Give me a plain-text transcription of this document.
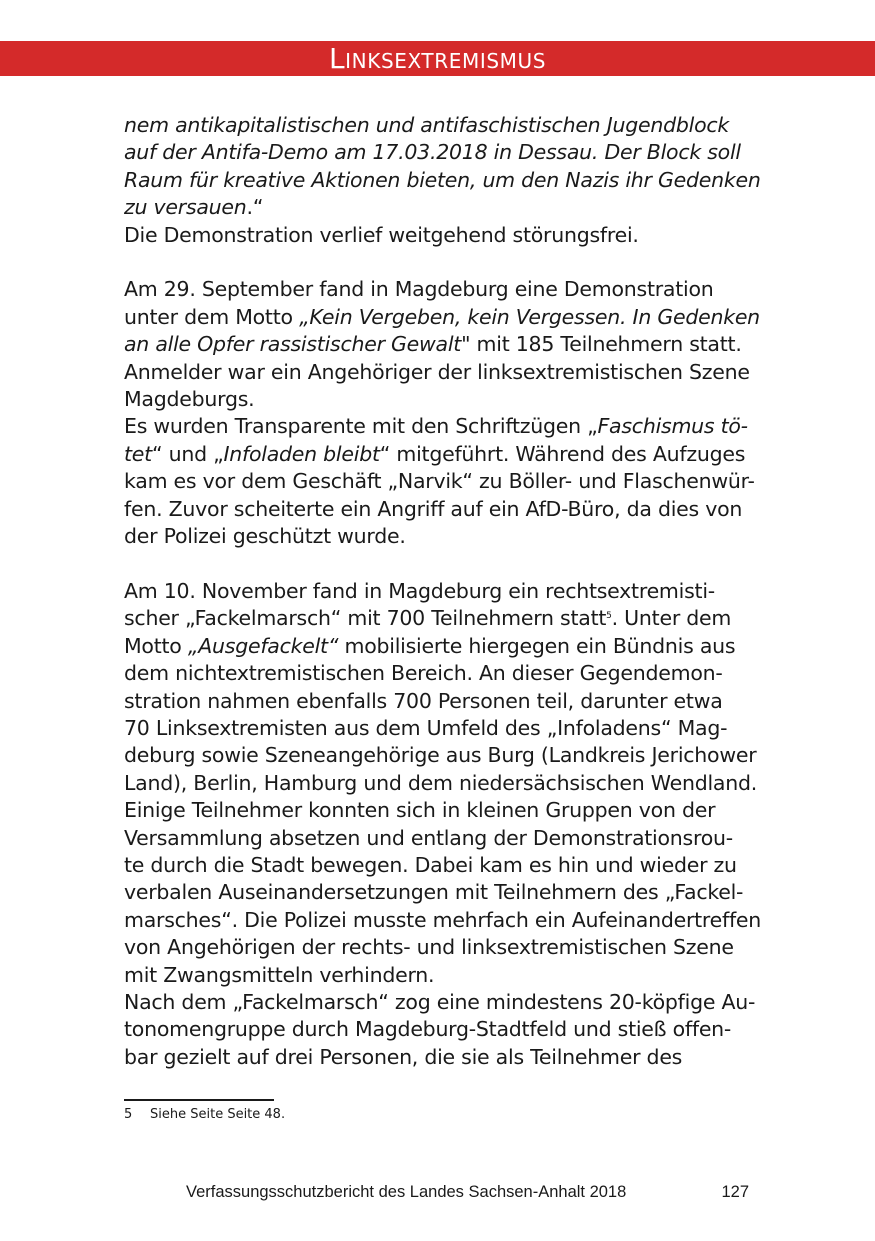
Linksextremismus

nem antikapitalistischen und antifaschistischen Jugendblock

auf der Antifa-Demo am 17.03.2018 in Dessau. Der Block soll

Raum für kreative Aktionen bieten, um den Nazis ihr Gedenken

zu versauen.“

Die Demonstration verlief weitgehend störungsfrei.

Am 29. September fand in Magdeburg eine Demonstration

unter dem Motto „Kein Vergeben, kein Vergessen. In Gedenken

an alle Opfer rassistischer Gewalt" mit 185 Teilnehmern statt.

Anmelder war ein Angehöriger der linksextremistischen Szene

Magdeburgs.

Es wurden Transparente mit den Schriftzügen „Faschismus tö-

tet“ und „Infoladen bleibt“ mitgeführt. Während des Aufzuges

kam es vor dem Geschäft „Narvik“ zu Böller- und Flaschenwür-

fen. Zuvor scheiterte ein Angriff auf ein AfD-Büro, da dies von

der Polizei geschützt wurde.

Am 10. November fand in Magdeburg ein rechtsextremisti-

scher „Fackelmarsch“ mit 700 Teilnehmern statt$^5$. Unter dem

Motto „Ausgefackelt“ mobilisierte hiergegen ein Bündnis aus

dem nichtextremistischen Bereich. An dieser Gegendemon-

stration nahmen ebenfalls 700 Personen teil, darunter etwa

70 Linksextremisten aus dem Umfeld des „Infoladens“ Mag-

deburg sowie Szeneangehörige aus Burg (Landkreis Jerichower

Land), Berlin, Hamburg und dem niedersächsischen Wendland.

Einige Teilnehmer konnten sich in kleinen Gruppen von der

Versammlung absetzen und entlang der Demonstrationsrou-

te durch die Stadt bewegen. Dabei kam es hin und wieder zu

verbalen Auseinandersetzungen mit Teilnehmern des „Fackel-

marsches“. Die Polizei musste mehrfach ein Aufeinandertreffen

von Angehörigen der rechts- und linksextremistischen Szene

mit Zwangsmitteln verhindern.

Nach dem „Fackelmarsch“ zog eine mindestens 20-köpfige Au-

tonomengruppe durch Magdeburg-Stadtfeld und stieß offen-

bar gezielt auf drei Personen, die sie als Teilnehmer des

5 Siehe Seite Seite 48.
Verfassungsschutzbericht des Landes Sachsen-Anhalt 2018	127
